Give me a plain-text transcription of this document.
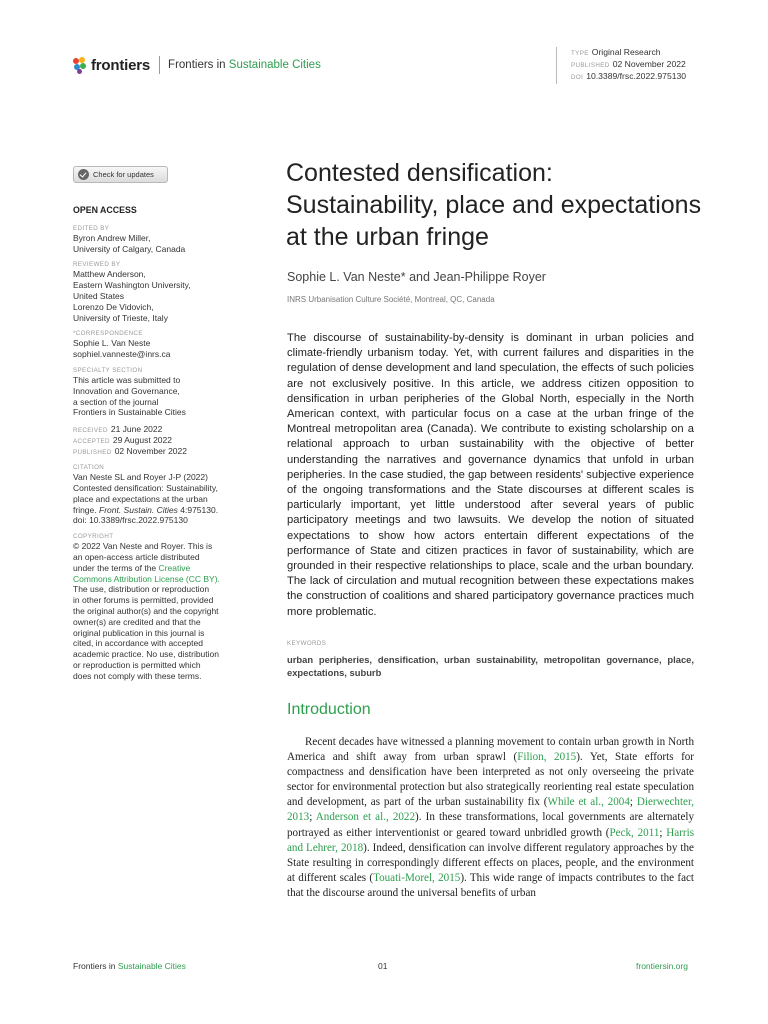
frontiers Frontiers in Sustainable Cities
TYPE Original Research
PUBLISHED 02 November 2022
DOI 10.3389/frsc.2022.975130
Check for updates
OPEN ACCESS
EDITED BY
Byron Andrew Miller,
University of Calgary, Canada
REVIEWED BY
Matthew Anderson,
Eastern Washington University,
United States
Lorenzo De Vidovich,
University of Trieste, Italy
*CORRESPONDENCE
Sophie L. Van Neste
sophiel.vanneste@inrs.ca
SPECIALTY SECTION
This article was submitted to
Innovation and Governance,
a section of the journal
Frontiers in Sustainable Cities
RECEIVED 21 June 2022
ACCEPTED 29 August 2022
PUBLISHED 02 November 2022
CITATION
Van Neste SL and Royer J-P (2022)
Contested densification: Sustainability,
place and expectations at the urban
fringe. Front. Sustain. Cities 4:975130.
doi: 10.3389/frsc.2022.975130
COPYRIGHT
© 2022 Van Neste and Royer. This is
an open-access article distributed
under the terms of the Creative
Commons Attribution License (CC BY).
The use, distribution or reproduction
in other forums is permitted, provided
the original author(s) and the copyright
owner(s) are credited and that the
original publication in this journal is
cited, in accordance with accepted
academic practice. No use, distribution
or reproduction is permitted which
does not comply with these terms.
Contested densification: Sustainability, place and expectations at the urban fringe
Sophie L. Van Neste* and Jean-Philippe Royer
INRS Urbanisation Culture Société, Montreal, QC, Canada

The discourse of sustainability-by-density is dominant in urban policies and climate-friendly urbanism today. Yet, with current failures and disparities in the regulation of dense development and land speculation, the effects of such policies are not exclusively positive. In this article, we address citizen opposition to densification in urban peripheries of the Global North, especially in the North American context, with particular focus on a case at the urban fringe of the Montreal metropolitan area (Canada). We contribute to existing scholarship on a relational approach to urban sustainability with the objective of better understanding the narratives and governance dynamics that unfold in urban peripheries. In the case studied, the gap between residents' subjective experience of the ongoing transformations and the State discourses at different scales is particularly important, yet little understood after several years of public participatory meetings and two lawsuits. We develop the notion of situated expectations to show how actors entertain different expectations of the performance of State and citizen practices in favor of sustainability, which are grounded in their respective relationships to place, scale and the urban boundary. The lack of circulation and mutual recognition between these expectations makes the construction of coalitions and shared participatory governance practices much more problematic.

KEYWORDS
urban peripheries, densification, urban sustainability, metropolitan governance, place, expectations, suburb
Introduction

Recent decades have witnessed a planning movement to contain urban growth in North America and shift away from urban sprawl (Filion, 2015). Yet, State efforts for compactness and densification have been interpreted as not only overseeing the private sector for environmental protection but also strategically reorienting real estate speculation and development, as part of the urban sustainability fix (While et al., 2004; Dierwechter, 2013; Anderson et al., 2022). In these transformations, local governments are alternately portrayed as either interventionist or geared toward unbridled growth (Peck, 2011; Harris and Lehrer, 2018). Indeed, densification can involve different regulatory approaches by the State resulting in correspondingly different effects on places, people, and the environment at different scales (Touati-Morel, 2015). This wide range of impacts contributes to the fact that the discourse around the universal benefits of urban

Frontiers in Sustainable Cities	01	frontiersin.org
